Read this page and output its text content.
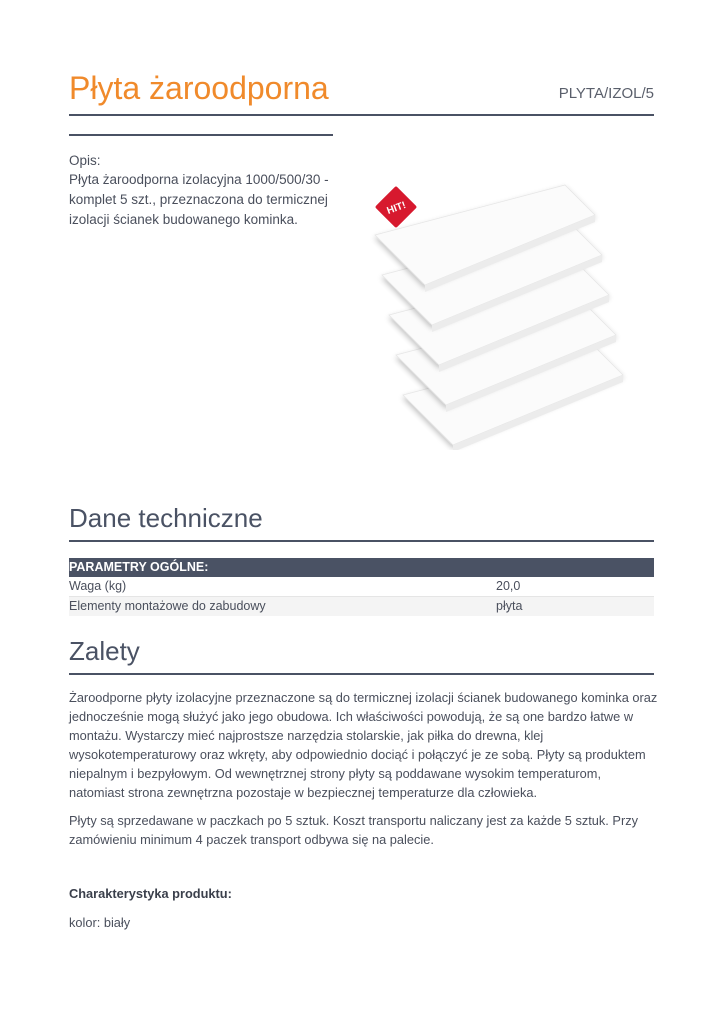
Płyta żaroodporna	PLYTA/IZOL/5
Opis:
Płyta żaroodporna izolacyjna 1000/500/30 - komplet 5 szt., przeznaczona do termicznej izolacji ścianek budowanego kominka.
HIT!
Dane techniczne
PARAMETRY OGÓLNE:	
Waga (kg)	20,0
Elementy montażowe do zabudowy	płyta
Zalety
Żaroodporne płyty izolacyjne przeznaczone są do termicznej izolacji ścianek budowanego kominka oraz jednocześnie mogą służyć jako jego obudowa. Ich właściwości powodują, że są one bardzo łatwe w montażu. Wystarczy mieć najprostsze narzędzia stolarskie, jak piłka do drewna, klej wysokotemperaturowy oraz wkręty, aby odpowiednio dociąć i połączyć je ze sobą. Płyty są produktem niepalnym i bezpyłowym. Od wewnętrznej strony płyty są poddawane wysokim temperaturom, natomiast strona zewnętrzna pozostaje w bezpiecznej temperaturze dla człowieka.
Płyty są sprzedawane w paczkach po 5 sztuk. Koszt transportu naliczany jest za każde 5 sztuk. Przy zamówieniu minimum 4 paczek transport odbywa się na palecie.
Charakterystyka produktu:
kolor: biały
